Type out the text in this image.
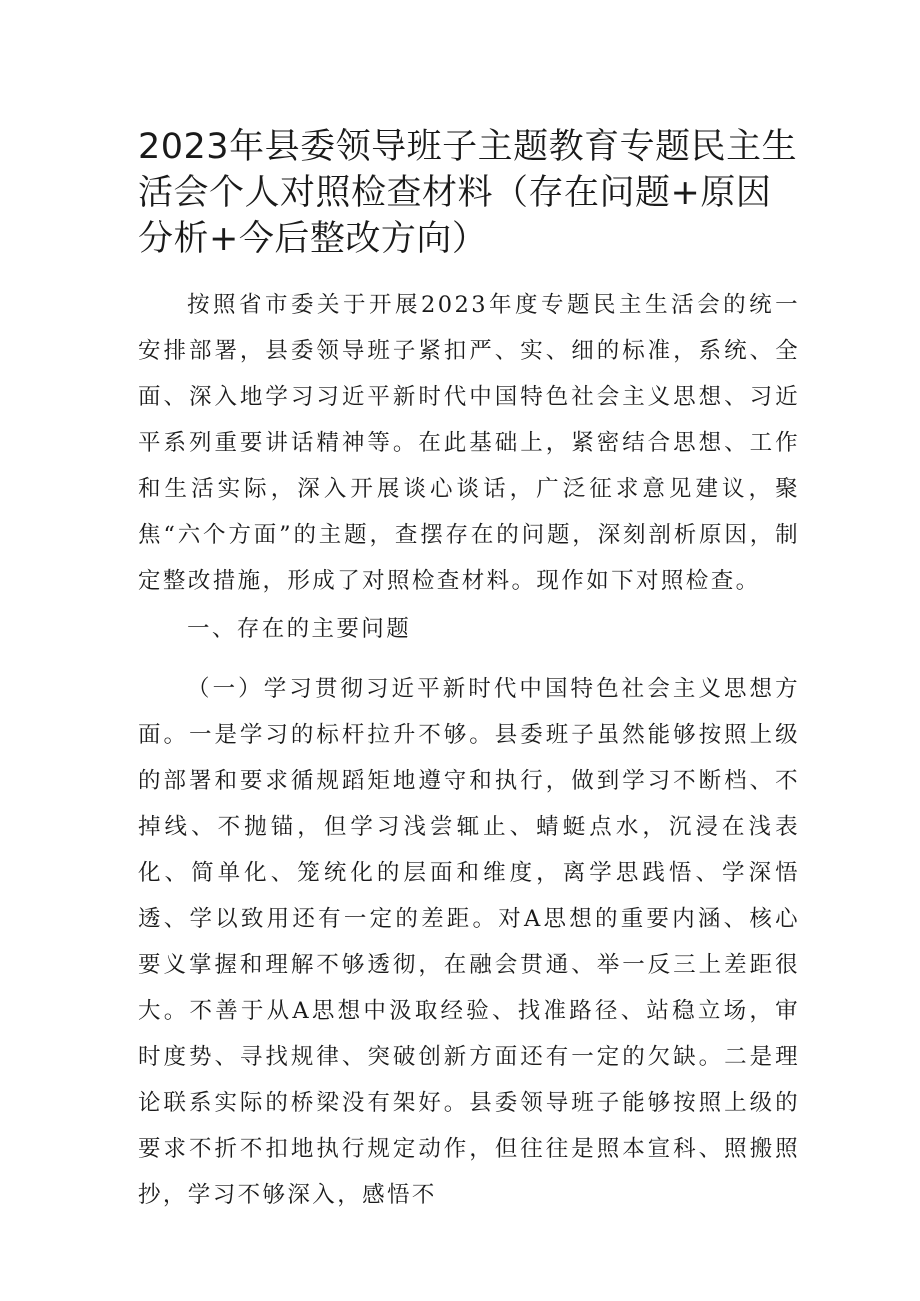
2023年县委领导班子主题教育专题民主生活会个人对照检查材料（存在问题+原因分析+今后整改方向）

按照省市委关于开展2023年度专题民主生活会的统一安排部署，县委领导班子紧扣严、实、细的标准，系统、全面、深入地学习习近平新时代中国特色社会主义思想、习近平系列重要讲话精神等。在此基础上，紧密结合思想、工作和生活实际，深入开展谈心谈话，广泛征求意见建议，聚焦“六个方面”的主题，查摆存在的问题，深刻剖析原因，制定整改措施，形成了对照检查材料。现作如下对照检查。

一、存在的主要问题

（一）学习贯彻习近平新时代中国特色社会主义思想方面。一是学习的标杆拉升不够。县委班子虽然能够按照上级的部署和要求循规蹈矩地遵守和执行，做到学习不断档、不掉线、不抛锚，但学习浅尝辄止、蜻蜓点水，沉浸在浅表化、简单化、笼统化的层面和维度，离学思践悟、学深悟透、学以致用还有一定的差距。对A思想的重要内涵、核心要义掌握和理解不够透彻，在融会贯通、举一反三上差距很大。不善于从A思想中汲取经验、找准路径、站稳立场，审时度势、寻找规律、突破创新方面还有一定的欠缺。二是理论联系实际的桥梁没有架好。县委领导班子能够按照上级的要求不折不扣地执行规定动作，但往往是照本宣科、照搬照抄，学习不够深入，感悟不
